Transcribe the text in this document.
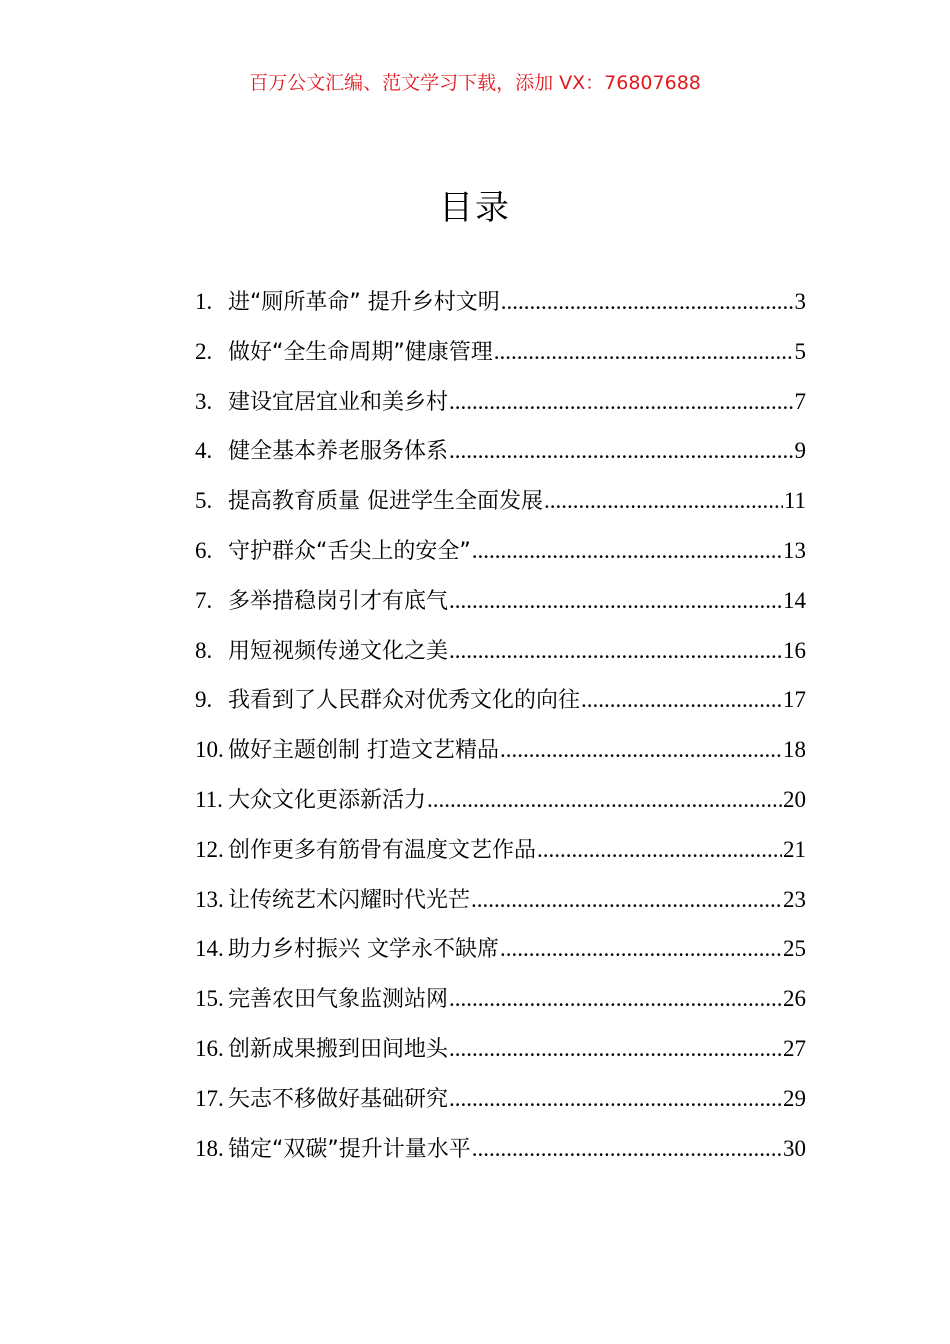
百万公文汇编、范文学习下载，添加 VX：76807688
目录
1. 进“厕所革命” 提升乡村文明 .....	3
2. 做好“全生命周期”健康管理 .....	5
3. 建设宜居宜业和美乡村 .....	7
4. 健全基本养老服务体系 .....	9
5. 提高教育质量 促进学生全面发展 .....	11
6. 守护群众“舌尖上的安全” .....	13
7. 多举措稳岗引才有底气 .....	14
8. 用短视频传递文化之美 .....	16
9. 我看到了人民群众对优秀文化的向往 .....	17
10. 做好主题创制 打造文艺精品 .....	18
11. 大众文化更添新活力 .....	20
12. 创作更多有筋骨有温度文艺作品 .....	21
13. 让传统艺术闪耀时代光芒 .....	23
14. 助力乡村振兴 文学永不缺席 .....	25
15. 完善农田气象监测站网 .....	26
16. 创新成果搬到田间地头 .....	27
17. 矢志不移做好基础研究 .....	29
18. 锚定“双碳”提升计量水平 .....	30
